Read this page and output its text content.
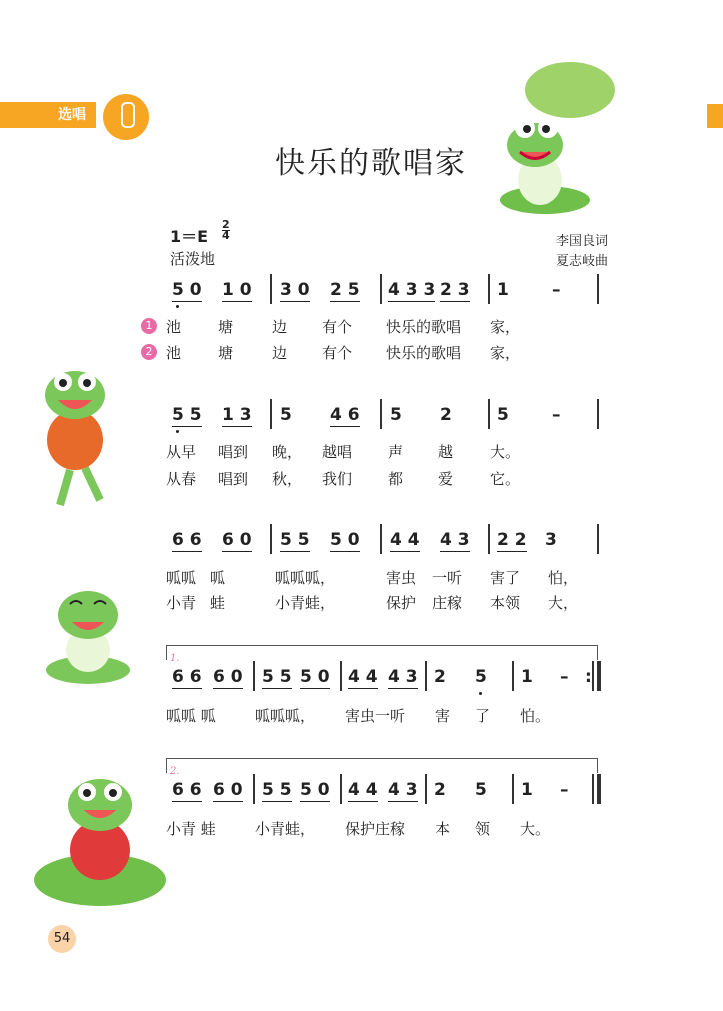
选唱
快乐的歌唱家
$1=E \frac{2}{4}$
活泼地
李国良词
夏志岐曲
1
2
1.
2.
5 0 1 0 3 0 2 5 4 3 3 2 3 1	–
池 塘	边 有个 快乐的歌唱 家，
池 塘	边 有个 快乐的歌唱 家，
5 5 1 3 5 4 6 5 2	5	–
从早 唱到 晚， 越唱 声 越 大。
从春 唱到 秋， 我们 都 爱 它。
6 6 6 0 5 5 5 0 4 4 4 3 2 2 3
呱呱 呱	呱呱呱，	害虫 一听 害了 怕，
小青 蛙	小青蛙，	保护 庄稼 本领 大，
6 6 6 0 5 5 5 0 4 4 4 3 2 5 1 – :
呱呱 呱	呱呱呱， 害虫一听 害 了 怕。
6 6 6 0 5 5 5 0 4 4 4 3 2 5 1 –
小青 蛙	小青蛙， 保护庄稼 本 领 大。
54
